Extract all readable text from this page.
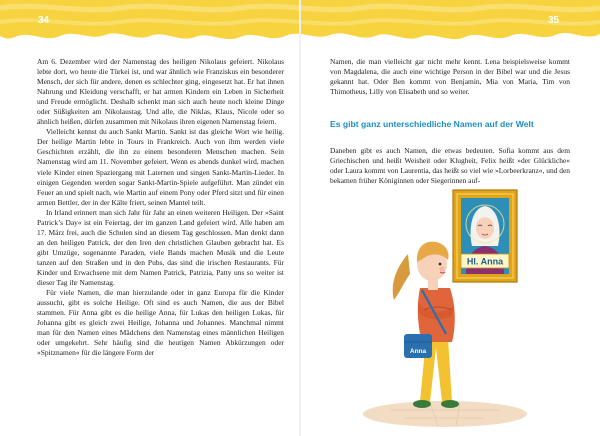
34	35

Am 6. Dezember wird der Namenstag des heiligen Nikolaus gefeiert. Nikolaus lebte dort, wo heute die Türkei ist, und war ähnlich wie Franziskus ein besonderer Mensch, der sich für andere, denen es schlechter ging, eingesetzt hat. Er hat ihnen Nahrung und Kleidung verschafft, er hat armen Kindern ein Leben in Sicherheit und Freude ermöglicht. Deshalb schenkt man sich auch heute noch kleine Dinge oder Süßigkeiten am Nikolaustag. Und alle, die Niklas, Klaus, Nicole oder so ähnlich heißen, dürfen zusammen mit Nikolaus ihren eigenen Namenstag feiern.

Vielleicht kennst du auch Sankt Martin. Sankt ist das gleiche Wort wie heilig. Der heilige Martin lebte in Tours in Frankreich. Auch von ihm werden viele Geschichten erzählt, die ihn zu einem besonderen Menschen machen. Sein Namenstag wird am 11. November gefeiert. Wenn es abends dunkel wird, machen viele Kinder einen Spaziergang mit Laternen und singen Sankt-Martin-Lieder. In einigen Gegenden werden sogar Sankt-Martin-Spiele aufgeführt. Man zündet ein Feuer an und spielt nach, wie Martin auf einem Pony oder Pferd sitzt und für einen armen Bettler, der in der Kälte friert, seinen Mantel teilt.

In Irland erinnert man sich Jahr für Jahr an einen weiteren Heiligen. Der »Saint Patrick’s Day« ist ein Feiertag, der im ganzen Land gefeiert wird. Alle haben am 17. März frei, auch die Schulen sind an diesem Tag geschlossen. Man denkt dann an den heiligen Patrick, der den Iren den christlichen Glauben gebracht hat. Es gibt Umzüge, sogenannte Paraden, viele Bands machen Musik und die Leute tanzen auf den Straßen und in den Pubs, das sind die irischen Restaurants. Für Kinder und Erwachsene mit dem Namen Patrick, Patrizia, Patty uns so weiter ist dieser Tag ihr Namenstag.

Für viele Namen, die man hierzulande oder in ganz Europa für die Kinder aussucht, gibt es solche Heilige. Oft sind es auch Namen, die aus der Bibel stammen. Für Anna gibt es die heilige Anna, für Lukas den heiligen Lukas, für Johanna gibt es gleich zwei Heilige, Johanna und Johannes. Manchmal nimmt man für den Namen eines Mädchens den Namenstag eines männlichen Heiligen oder umgekehrt. Sehr häufig sind die heutigen Namen Abkürzungen oder »Spitznamen« für die längere Form der

Namen, die man vielleicht gar nicht mehr kennt. Lena beispielsweise kommt von Magdalena, die auch eine wichtige Person in der Bibel war und die Jesus gekannt hat. Oder Ben kommt von Benjamin, Mia von Maria, Tim von Thimotheus, Lilly von Elisabeth und so weiter.

Es gibt ganz unterschiedliche Namen auf der Welt

Daneben gibt es auch Namen, die etwas bedeuten. Sofia kommt aus dem Griechischen und heißt Weisheit oder Klugheit, Felix heißt »der Glückliche« oder Laura kommt von Laurentia, das heißt so viel wie »Lorbeerkranz«, und den bekamen früher Königinnen oder Siegerinnen auf-

Hl. Anna
Anna
